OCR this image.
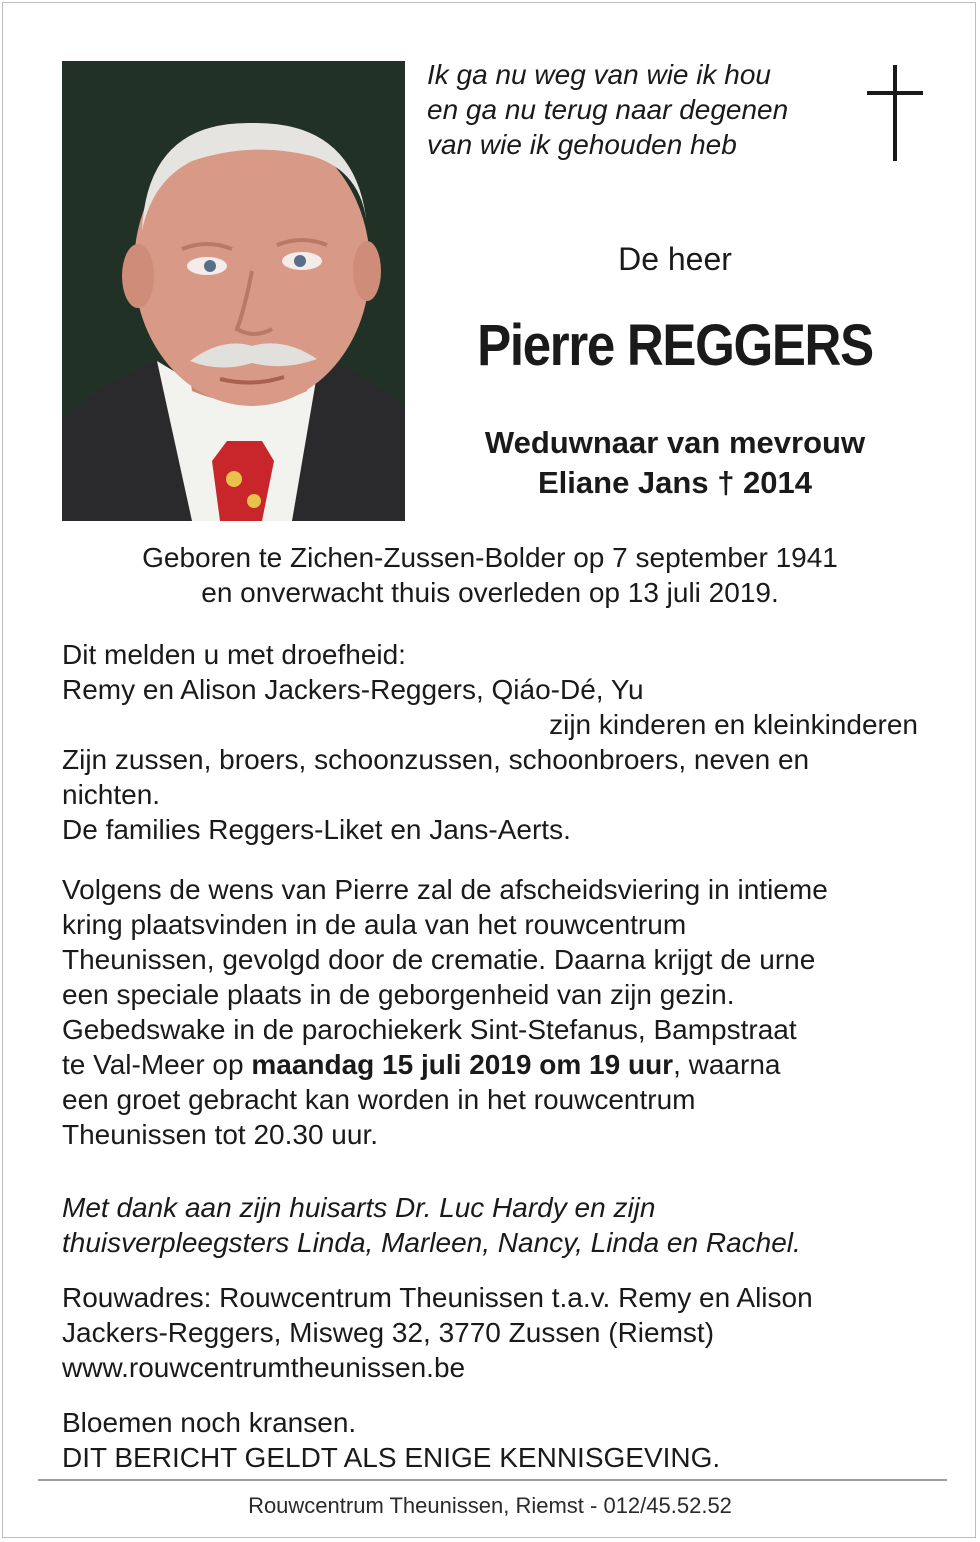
Ik ga nu weg van wie ik hou
en ga nu terug naar degenen
van wie ik gehouden heb
De heer
Pierre REGGERS
Weduwnaar van mevrouw
Eliane Jans † 2014
Geboren te Zichen-Zussen-Bolder op 7 september 1941
en onverwacht thuis overleden op 13 juli 2019.
Dit melden u met droefheid:
Remy en Alison Jackers-Reggers, Qiáo-Dé, Yu
zijn kinderen en kleinkinderen
Zijn zussen, broers, schoonzussen, schoonbroers, neven en
nichten.
De families Reggers-Liket en Jans-Aerts.
Volgens de wens van Pierre zal de afscheidsviering in intieme
kring plaatsvinden in de aula van het rouwcentrum
Theunissen, gevolgd door de crematie. Daarna krijgt de urne
een speciale plaats in de geborgenheid van zijn gezin.
Gebedswake in de parochiekerk Sint-Stefanus, Bampstraat
te Val-Meer op maandag 15 juli 2019 om 19 uur, waarna
een groet gebracht kan worden in het rouwcentrum
Theunissen tot 20.30 uur.
Met dank aan zijn huisarts Dr. Luc Hardy en zijn
thuisverpleegsters Linda, Marleen, Nancy, Linda en Rachel.
Rouwadres: Rouwcentrum Theunissen t.a.v. Remy en Alison
Jackers-Reggers, Misweg 32, 3770 Zussen (Riemst)
www.rouwcentrumtheunissen.be
Bloemen noch kransen.
DIT BERICHT GELDT ALS ENIGE KENNISGEVING.
Rouwcentrum Theunissen, Riemst - 012/45.52.52
